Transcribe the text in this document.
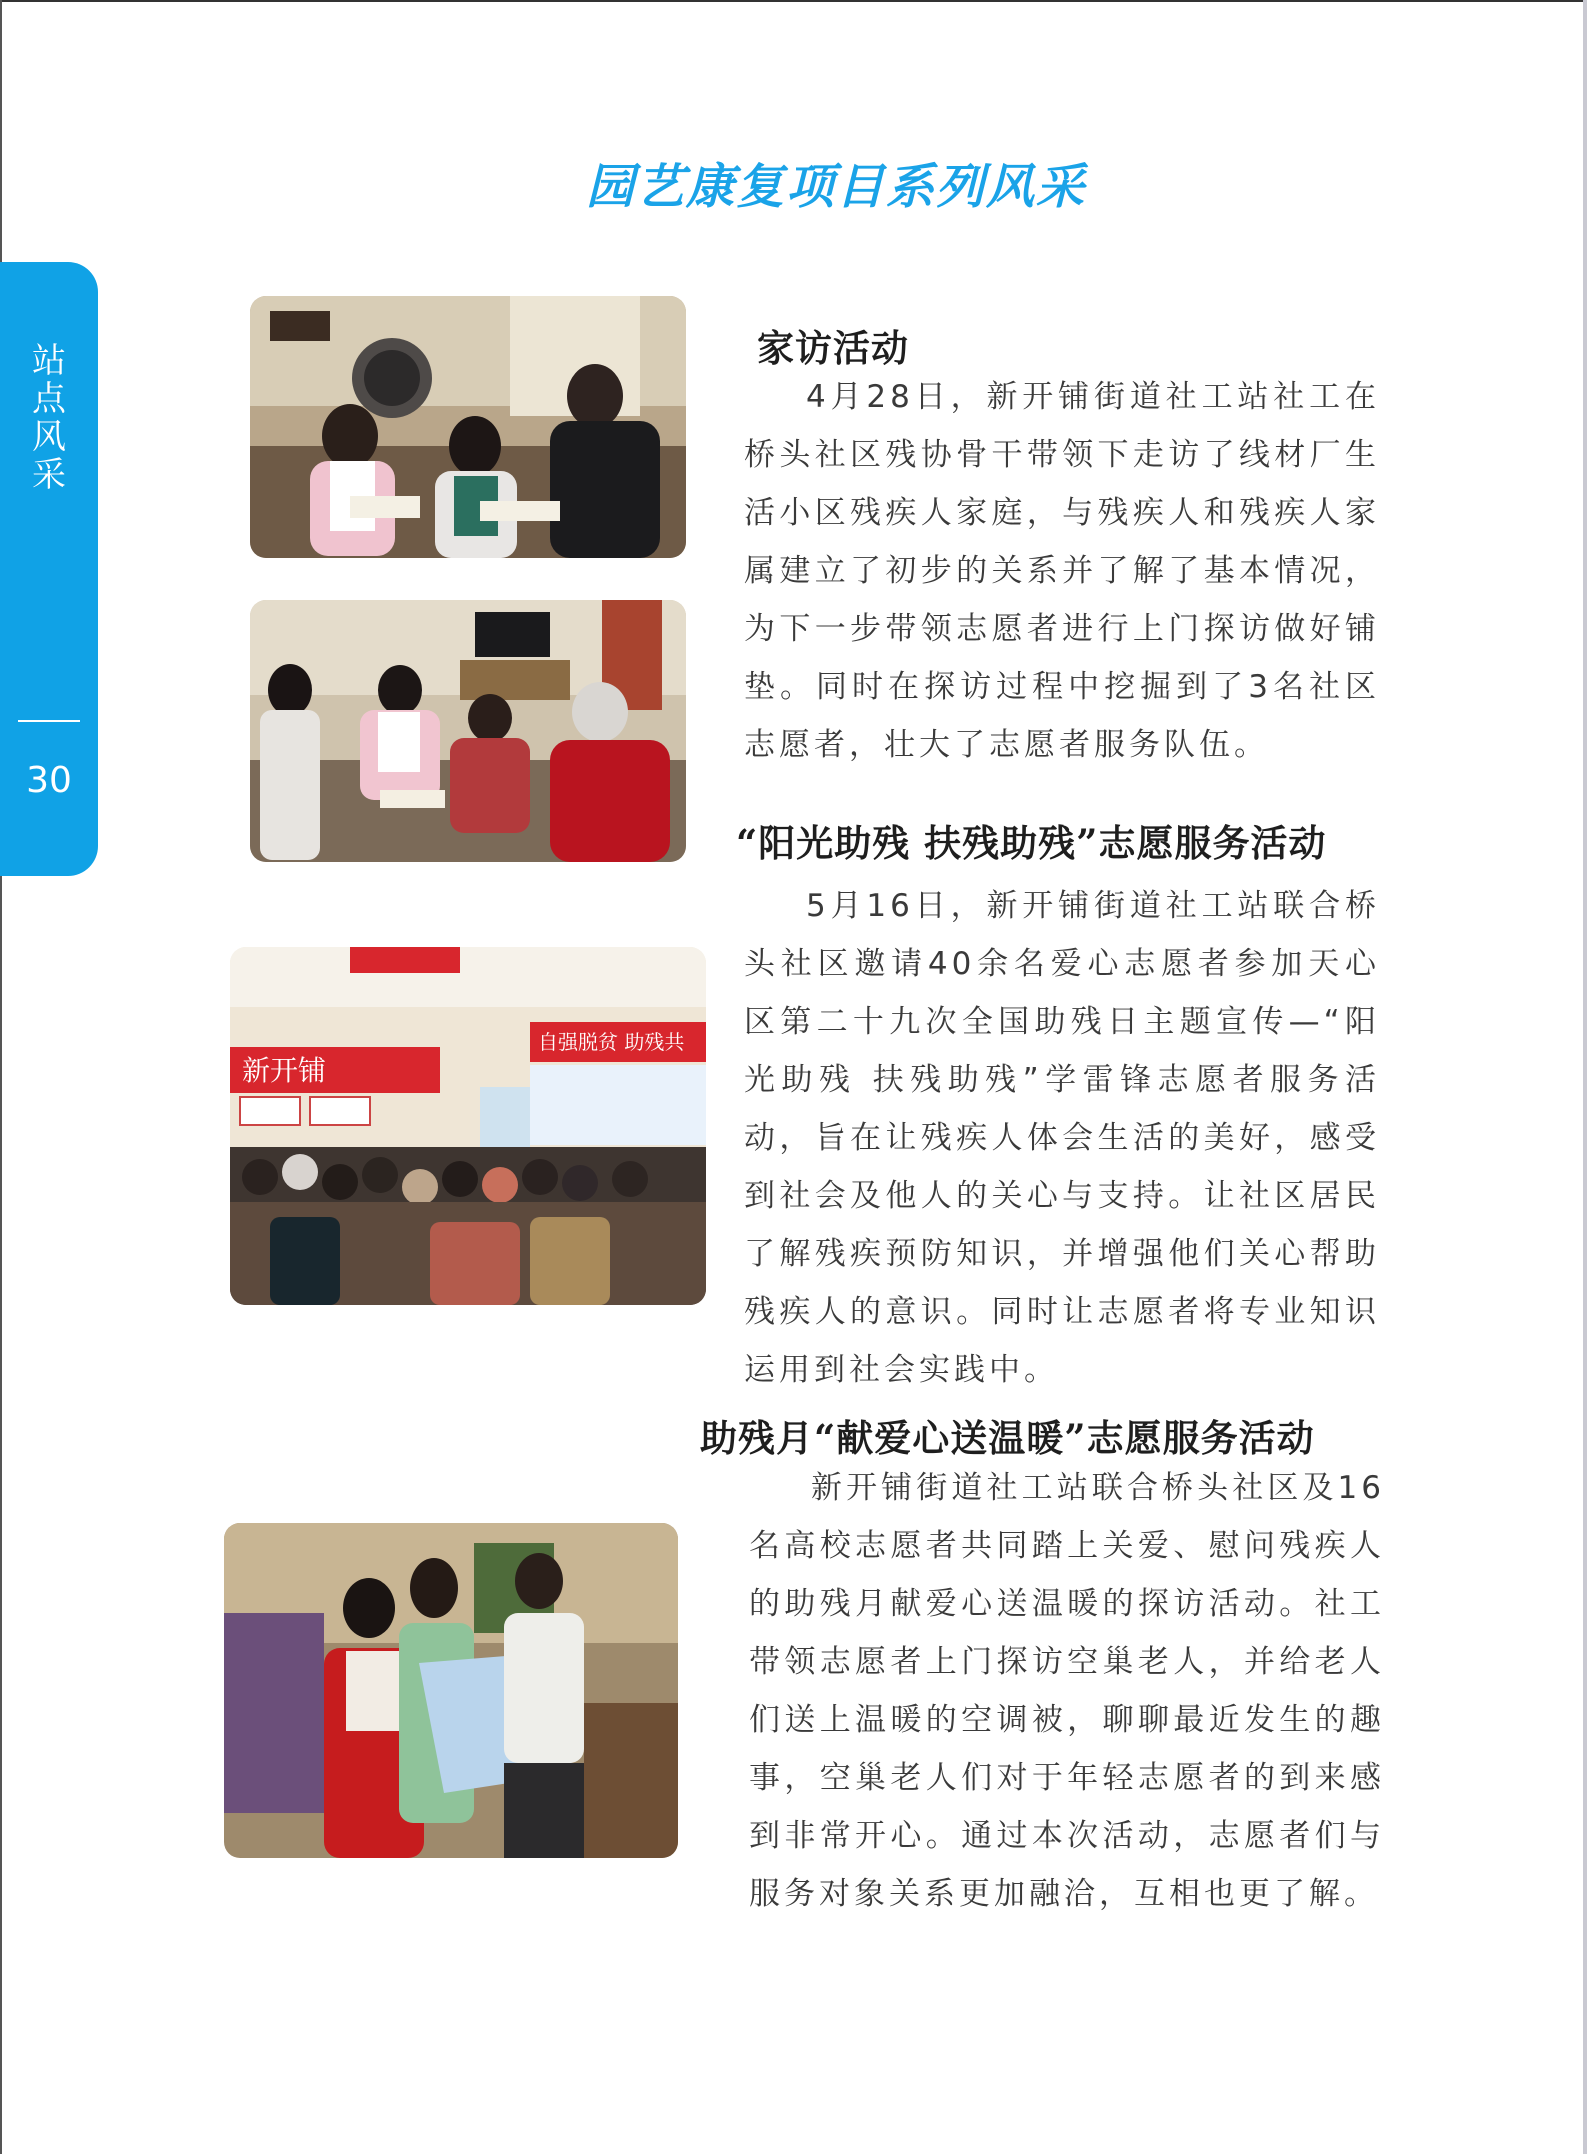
园艺康复项目系列风采
站
点
风
采
30
新开铺
自强脱贫 助残共
家访活动
4月28日，新开铺街道社工站社工在桥头社区残协骨干带领下走访了线材厂生活小区残疾人家庭，与残疾人和残疾人家属建立了初步的关系并了解了基本情况，为下一步带领志愿者进行上门探访做好铺垫。同时在探访过程中挖掘到了3名社区志愿者，壮大了志愿者服务队伍。
“阳光助残 扶残助残”志愿服务活动
5月16日，新开铺街道社工站联合桥头社区邀请40余名爱心志愿者参加天心区第二十九次全国助残日主题宣传—“阳光助残 扶残助残”学雷锋志愿者服务活动，旨在让残疾人体会生活的美好，感受到社会及他人的关心与支持。让社区居民了解残疾预防知识，并增强他们关心帮助残疾人的意识。同时让志愿者将专业知识运用到社会实践中。
助残月“献爱心送温暖”志愿服务活动
新开铺街道社工站联合桥头社区及16名高校志愿者共同踏上关爱、慰问残疾人的助残月献爱心送温暖的探访活动。社工带领志愿者上门探访空巢老人，并给老人们送上温暖的空调被，聊聊最近发生的趣事，空巢老人们对于年轻志愿者的到来感到非常开心。通过本次活动，志愿者们与服务对象关系更加融洽，互相也更了解。
